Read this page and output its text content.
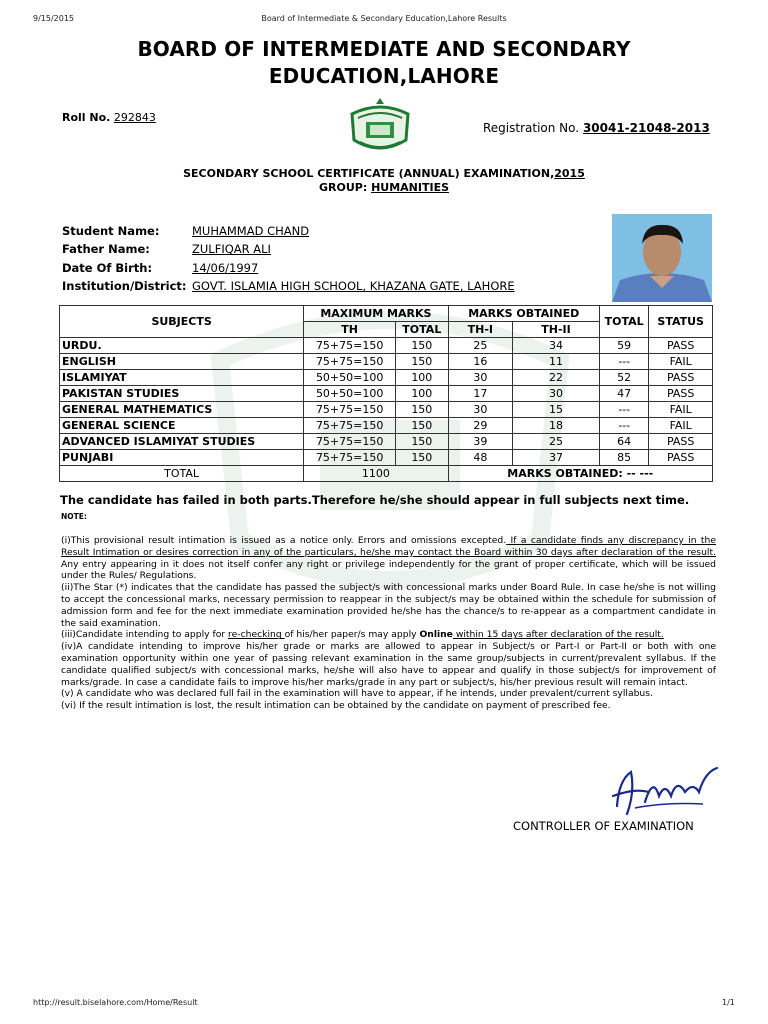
9/15/2015	Board of Intermediate & Secondary Education,Lahore Results
BOARD OF INTERMEDIATE AND SECONDARY
EDUCATION,LAHORE
Roll No. 292843
Registration No. 30041-21048-2013
SECONDARY SCHOOL CERTIFICATE (ANNUAL) EXAMINATION,2015
GROUP: HUMANITIES
Student Name:	MUHAMMAD CHAND
Father Name:	ZULFIQAR ALI
Date Of Birth:	14/06/1997
Institution/District: GOVT. ISLAMIA HIGH SCHOOL, KHAZANA GATE, LAHORE
SUBJECTS	MAXIMUM MARKS		MARKS OBTAINED		TOTAL	STATUS
	TH	TOTAL	TH-I	TH-II		
URDU.	75+75=150	150	25	34	59	PASS
ENGLISH	75+75=150	150	16	11	---	FAIL
ISLAMIYAT	50+50=100	100	30	22	52	PASS
PAKISTAN STUDIES	50+50=100	100	17	30	47	PASS
GENERAL MATHEMATICS	75+75=150	150	30	15	---	FAIL
GENERAL SCIENCE	75+75=150	150	29	18	---	FAIL
ADVANCED ISLAMIYAT STUDIES	75+75=150	150	39	25	64	PASS
PUNJABI	75+75=150	150	48	37	85	PASS
TOTAL	1100		MARKS OBTAINED: -- ---			
The candidate has failed in both parts.Therefore he/she should appear in full subjects next time.
NOTE:

(i)This provisional result intimation is issued as a notice only. Errors and omissions excepted. If a candidate finds any discrepancy in the Result Intimation or desires correction in any of the particulars, he/she may contact the Board within 30 days after declaration of the result. Any entry appearing in it does not itself confer any right or privilege independently for the grant of proper certificate, which will be issued under the Rules/ Regulations.

(ii)The Star (*) indicates that the candidate has passed the subject/s with concessional marks under Board Rule. In case he/she is not willing to accept the concessional marks, necessary permission to reappear in the subject/s may be obtained within the schedule for submission of admission form and fee for the next immediate examination provided he/she has the chance/s to re-appear as a compartment candidate in the said examination.

(iii)Candidate intending to apply for re-checking of his/her paper/s may apply Online within 15 days after declaration of the result.

(iv)A candidate intending to improve his/her grade or marks are allowed to appear in Subject/s or Part-I or Part-II or both with one examination opportunity within one year of passing relevant examination in the same group/subjects in current/prevalent syllabus. If the candidate qualified subject/s with concessional marks, he/she will also have to appear and qualify in those subject/s for improvement of marks/grade. In case a candidate fails to improve his/her marks/grade in any part or subject/s, his/her previous result will remain intact.

(v) A candidate who was declared full fail in the examination will have to appear, if he intends, under prevalent/current syllabus.

(vi) If the result intimation is lost, the result intimation can be obtained by the candidate on payment of prescribed fee.

CONTROLLER OF EXAMINATION
http://result.biselahore.com/Home/Result	1/1
